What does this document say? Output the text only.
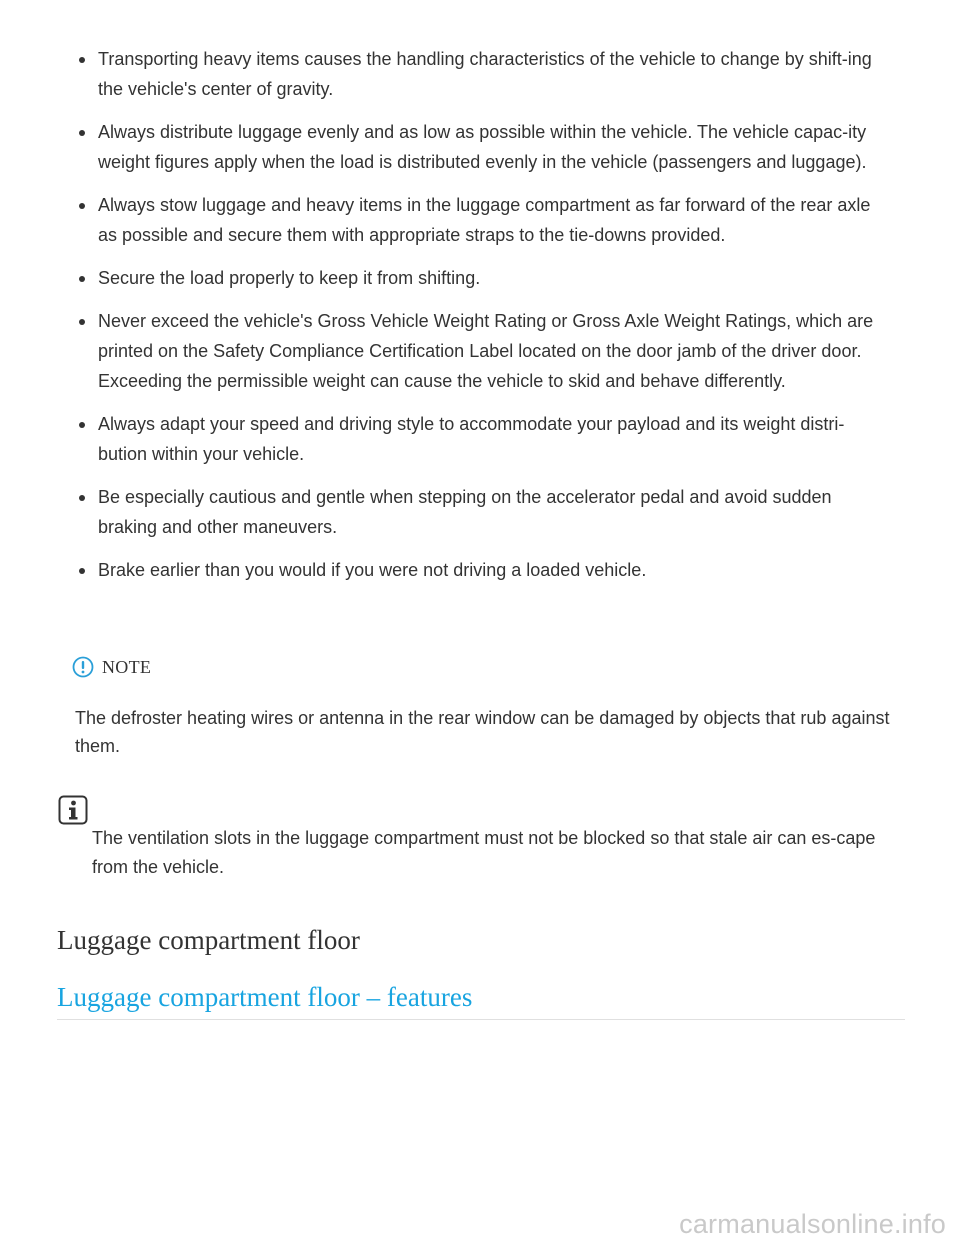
Transporting heavy items causes the handling characteristics of the vehicle to change by shift-ing the vehicle's center of gravity.
Always distribute luggage evenly and as low as possible within the vehicle. The vehicle capac-ity weight figures apply when the load is distributed evenly in the vehicle (passengers and luggage).
Always stow luggage and heavy items in the luggage compartment as far forward of the rear axle as possible and secure them with appropriate straps to the tie-downs provided.
Secure the load properly to keep it from shifting.
Never exceed the vehicle's Gross Vehicle Weight Rating or Gross Axle Weight Ratings, which are printed on the Safety Compliance Certification Label located on the door jamb of the driver door. Exceeding the permissible weight can cause the vehicle to skid and behave differently.
Always adapt your speed and driving style to accommodate your payload and its weight distri-bution within your vehicle.
Be especially cautious and gentle when stepping on the accelerator pedal and avoid sudden braking and other maneuvers.
Brake earlier than you would if you were not driving a loaded vehicle.
NOTE
The defroster heating wires or antenna in the rear window can be damaged by objects that rub against them.
The ventilation slots in the luggage compartment must not be blocked so that stale air can es-cape from the vehicle.
Luggage compartment floor
Luggage compartment floor – features
carmanualsonline.info
